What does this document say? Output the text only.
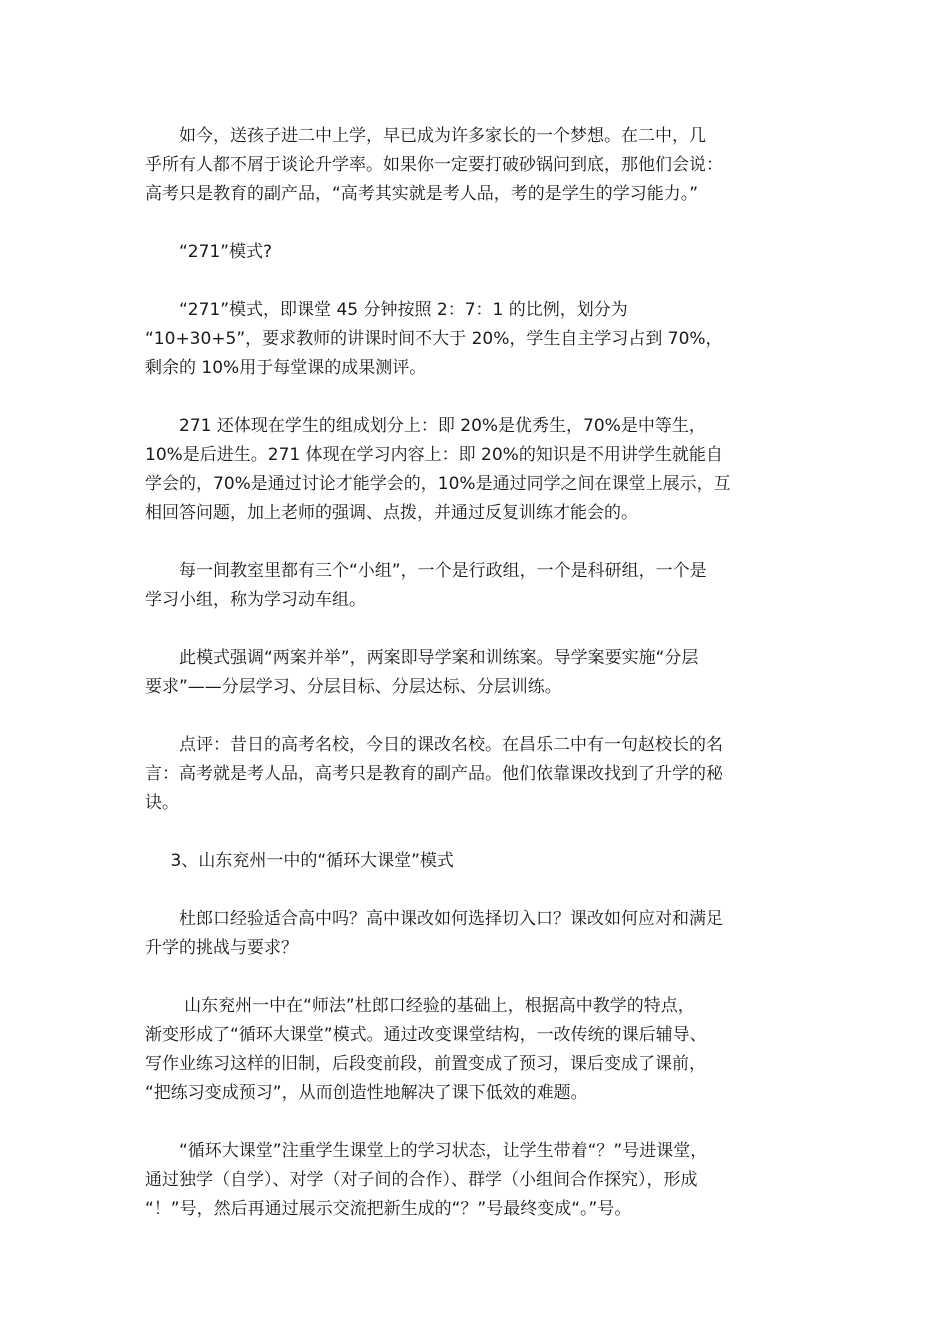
如今，送孩子进二中上学，早已成为许多家长的一个梦想。在二中，几
乎所有人都不屑于谈论升学率。如果你一定要打破砂锅问到底，那他们会说：
高考只是教育的副产品，“高考其实就是考人品，考的是学生的学习能力。”
“271”模式?
“271”模式，即课堂 45 分钟按照 2：7：1 的比例，划分为
“10+30+5”，要求教师的讲课时间不大于 20%，学生自主学习占到 70%，
剩余的 10%用于每堂课的成果测评。
271 还体现在学生的组成划分上：即 20%是优秀生，70%是中等生，
10%是后进生。271 体现在学习内容上：即 20%的知识是不用讲学生就能自
学会的，70%是通过讨论才能学会的，10%是通过同学之间在课堂上展示，互
相回答问题，加上老师的强调、点拨，并通过反复训练才能会的。
每一间教室里都有三个“小组”，一个是行政组，一个是科研组，一个是
学习小组，称为学习动车组。
此模式强调“两案并举”，两案即导学案和训练案。导学案要实施“分层
要求”——分层学习、分层目标、分层达标、分层训练。
点评：昔日的高考名校，今日的课改名校。在昌乐二中有一句赵校长的名
言：高考就是考人品，高考只是教育的副产品。他们依靠课改找到了升学的秘
诀。
3、山东兖州一中的“循环大课堂”模式
杜郎口经验适合高中吗？高中课改如何选择切入口？课改如何应对和满足
升学的挑战与要求？
山东兖州一中在“师法”杜郎口经验的基础上，根据高中教学的特点，
渐变形成了“循环大课堂”模式。通过改变课堂结构，一改传统的课后辅导、
写作业练习这样的旧制，后段变前段，前置变成了预习，课后变成了课前，
“把练习变成预习”，从而创造性地解决了课下低效的难题。
“循环大课堂”注重学生课堂上的学习状态，让学生带着“？”号进课堂，
通过独学（自学）、对学（对子间的合作）、群学（小组间合作探究），形成
“！”号，然后再通过展示交流把新生成的“？”号最终变成“。”号。
